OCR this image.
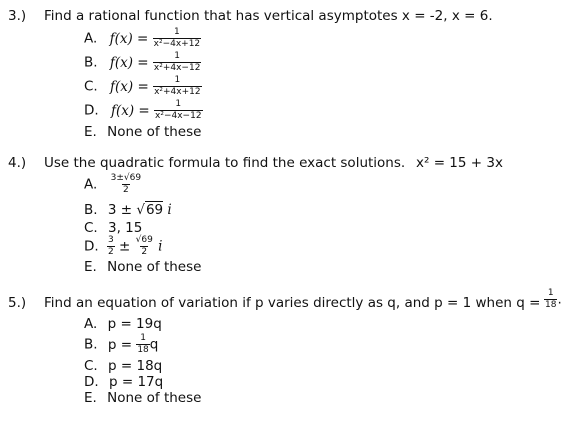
3.) Find a rational function that has vertical asymptotes x = -2, x = 6.
A. $f(x) = \frac{1}{\text{x²−4x+12}}$
B. $f(x) = \frac{1}{\text{x²+4x−12}}$
C. $f(x) = \frac{1}{\text{x²+4x+12}}$
D. $f(x) = \frac{1}{\text{x²−4x−12}}$
E. None of these
4.) Use the quadratic formula to find the exact solutions. x² = 15 + 3x
A. $\frac{3\pm√69}{2}$
B. 3 ± √69 i
C. 3, 15
D. $\frac{3}{2} \pm \frac{√69}{2}$ i
E. None of these
5.) Find an equation of variation if p varies directly as q, and p = 1 when $q = \frac{1}{18}$ .
A. p = 19q
B. $p = \frac{1}{18}$ q
C. p = 18q
D. p = 17q
E. None of these
